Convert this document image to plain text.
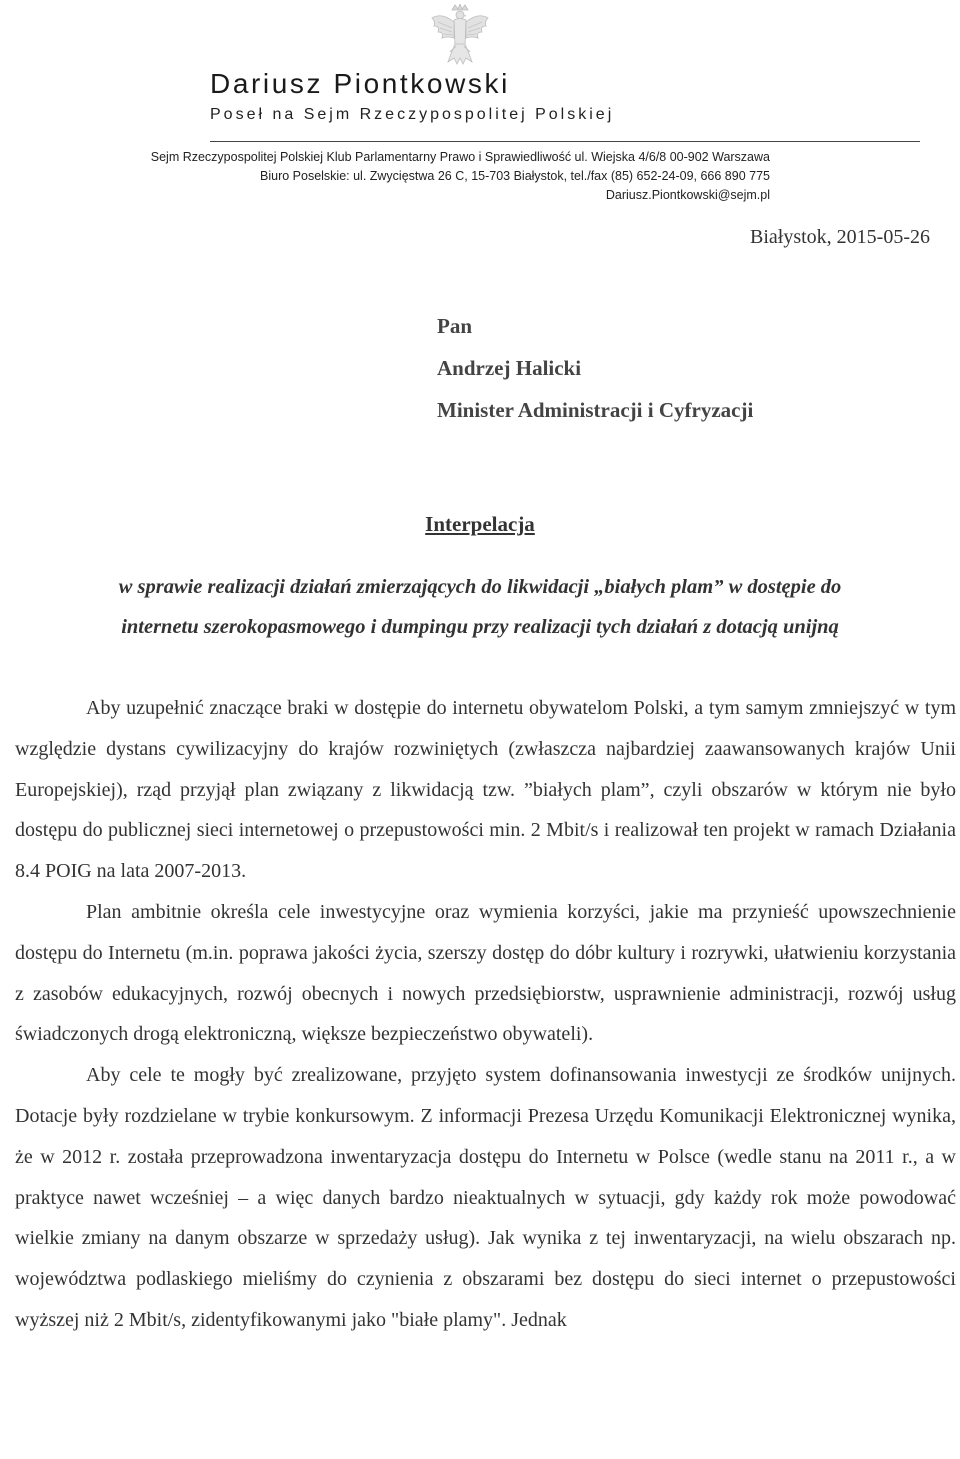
Dariusz Piontkowski
Poseł na Sejm Rzeczypospolitej Polskiej
Sejm Rzeczypospolitej Polskiej Klub Parlamentarny Prawo i Sprawiedliwość ul. Wiejska 4/6/8 00-902 Warszawa
Biuro Poselskie: ul. Zwycięstwa 26 C, 15-703 Białystok, tel./fax (85) 652-24-09, 666 890 775
Dariusz.Piontkowski@sejm.pl
Białystok, 2015-05-26
Pan
Andrzej Halicki
Minister Administracji i Cyfryzacji
Interpelacja
w sprawie realizacji działań zmierzających do likwidacji „białych plam” w dostępie do
internetu szerokopasmowego i dumpingu przy realizacji tych działań z dotacją unijną

Aby uzupełnić znaczące braki w dostępie do internetu obywatelom Polski, a tym samym zmniejszyć w tym względzie dystans cywilizacyjny do krajów rozwiniętych (zwłaszcza najbardziej zaawansowanych krajów Unii Europejskiej), rząd przyjął plan związany z likwidacją tzw. ”białych plam”, czyli obszarów w którym nie było dostępu do publicznej sieci internetowej o przepustowości min. 2 Mbit/s i realizował ten projekt w ramach Działania 8.4 POIG na lata 2007-2013.

Plan ambitnie określa cele inwestycyjne oraz wymienia korzyści, jakie ma przynieść upowszechnienie dostępu do Internetu (m.in. poprawa jakości życia, szerszy dostęp do dóbr kultury i rozrywki, ułatwieniu korzystania z zasobów edukacyjnych, rozwój obecnych i nowych przedsiębiorstw, usprawnienie administracji, rozwój usług świadczonych drogą elektroniczną, większe bezpieczeństwo obywateli).

Aby cele te mogły być zrealizowane, przyjęto system dofinansowania inwestycji ze środków unijnych. Dotacje były rozdzielane w trybie konkursowym. Z informacji Prezesa Urzędu Komunikacji Elektronicznej wynika, że w 2012 r. została przeprowadzona inwentaryzacja dostępu do Internetu w Polsce (wedle stanu na 2011 r., a w praktyce nawet wcześniej – a więc danych bardzo nieaktualnych w sytuacji, gdy każdy rok może powodować wielkie zmiany na danym obszarze w sprzedaży usług). Jak wynika z tej inwentaryzacji, na wielu obszarach np. województwa podlaskiego mieliśmy do czynienia z obszarami bez dostępu do sieci internet o przepustowości wyższej niż 2 Mbit/s, zidentyfikowanymi jako "białe plamy". Jednak
